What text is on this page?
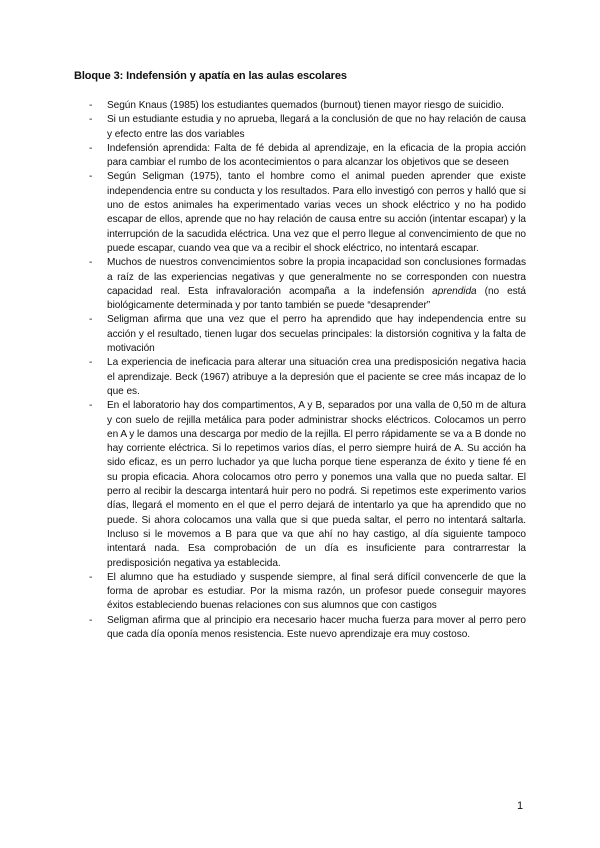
Bloque 3: Indefensión y apatía en las aulas escolares
- Según Knaus (1985) los estudiantes quemados (burnout) tienen mayor riesgo de suicidio.
- Si un estudiante estudia y no aprueba, llegará a la conclusión de que no hay relación de causa y efecto entre las dos variables
- Indefensión aprendida: Falta de fé debida al aprendizaje, en la eficacia de la propia acción para cambiar el rumbo de los acontecimientos o para alcanzar los objetivos que se deseen
- Según Seligman (1975), tanto el hombre como el animal pueden aprender que existe independencia entre su conducta y los resultados. Para ello investigó con perros y halló que si uno de estos animales ha experimentado varias veces un shock eléctrico y no ha podido escapar de ellos, aprende que no hay relación de causa entre su acción (intentar escapar) y la interrupción de la sacudida eléctrica. Una vez que el perro llegue al convencimiento de que no puede escapar, cuando vea que va a recibir el shock eléctrico, no intentará escapar.
- Muchos de nuestros convencimientos sobre la propia incapacidad son conclusiones formadas a raíz de las experiencias negativas y que generalmente no se corresponden con nuestra capacidad real. Esta infravaloración acompaña a la indefensión aprendida (no está biológicamente determinada y por tanto también se puede “desaprender”
- Seligman afirma que una vez que el perro ha aprendido que hay independencia entre su acción y el resultado, tienen lugar dos secuelas principales: la distorsión cognitiva y la falta de motivación
- La experiencia de ineficacia para alterar una situación crea una predisposición negativa hacia el aprendizaje. Beck (1967) atribuye a la depresión que el paciente se cree más incapaz de lo que es.
- En el laboratorio hay dos compartimentos, A y B, separados por una valla de 0,50 m de altura y con suelo de rejilla metálica para poder administrar shocks eléctricos. Colocamos un perro en A y le damos una descarga por medio de la rejilla. El perro rápidamente se va a B donde no hay corriente eléctrica. Si lo repetimos varios días, el perro siempre huirá de A. Su acción ha sido eficaz, es un perro luchador ya que lucha porque tiene esperanza de éxito y tiene fé en su propia eficacia. Ahora colocamos otro perro y ponemos una valla que no pueda saltar. El perro al recibir la descarga intentará huir pero no podrá. Si repetimos este experimento varios días, llegará el momento en el que el perro dejará de intentarlo ya que ha aprendido que no puede. Si ahora colocamos una valla que si que pueda saltar, el perro no intentará saltarla. Incluso si le movemos a B para que va que ahí no hay castigo, al día siguiente tampoco intentará nada. Esa comprobación de un día es insuficiente para contrarrestar la predisposición negativa ya establecida.
- El alumno que ha estudiado y suspende siempre, al final será difícil convencerle de que la forma de aprobar es estudiar. Por la misma razón, un profesor puede conseguir mayores éxitos estableciendo buenas relaciones con sus alumnos que con castigos
- Seligman afirma que al principio era necesario hacer mucha fuerza para mover al perro pero que cada día oponía menos resistencia. Este nuevo aprendizaje era muy costoso.
1
